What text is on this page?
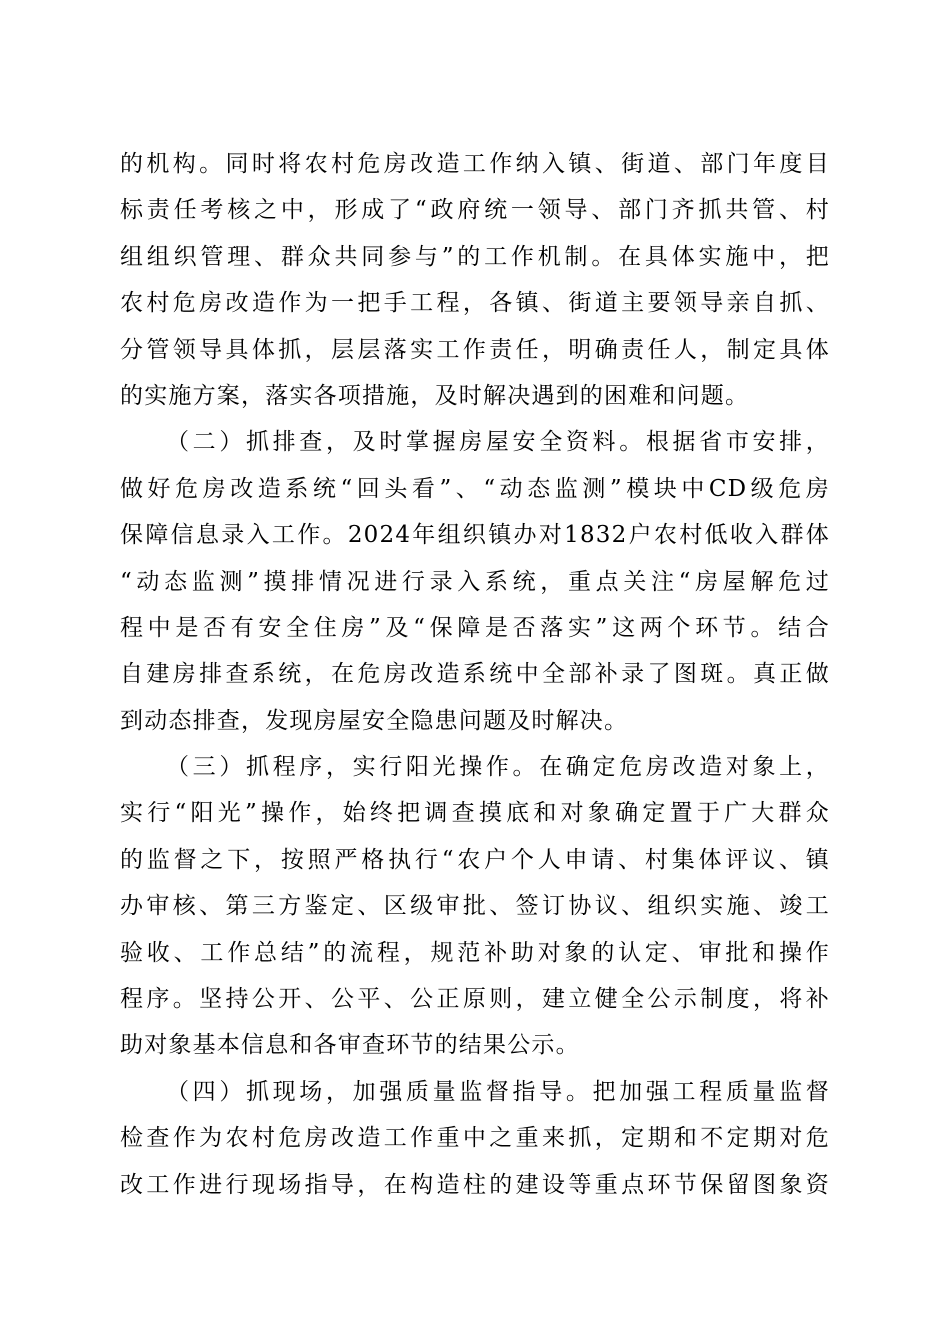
的机构。同时将农村危房改造工作纳入镇、街道、部门年度目
标责任考核之中，形成了“政府统一领导、部门齐抓共管、村
组组织管理、群众共同参与”的工作机制。在具体实施中，把
农村危房改造作为一把手工程，各镇、街道主要领导亲自抓、
分管领导具体抓，层层落实工作责任，明确责任人，制定具体
的实施方案，落实各项措施，及时解决遇到的困难和问题。
（二）抓排查，及时掌握房屋安全资料。根据省市安排，
做好危房改造系统“回头看”、“动态监测”模块中CD级危房
保障信息录入工作。2024年组织镇办对1832户农村低收入群体
“动态监测”摸排情况进行录入系统，重点关注“房屋解危过
程中是否有安全住房”及“保障是否落实”这两个环节。结合
自建房排查系统，在危房改造系统中全部补录了图斑。真正做
到动态排查，发现房屋安全隐患问题及时解决。
（三）抓程序，实行阳光操作。在确定危房改造对象上，
实行“阳光”操作，始终把调查摸底和对象确定置于广大群众
的监督之下，按照严格执行“农户个人申请、村集体评议、镇
办审核、第三方鉴定、区级审批、签订协议、组织实施、竣工
验收、工作总结”的流程，规范补助对象的认定、审批和操作
程序。坚持公开、公平、公正原则，建立健全公示制度，将补
助对象基本信息和各审查环节的结果公示。
（四）抓现场，加强质量监督指导。把加强工程质量监督
检查作为农村危房改造工作重中之重来抓，定期和不定期对危
改工作进行现场指导，在构造柱的建设等重点环节保留图象资
